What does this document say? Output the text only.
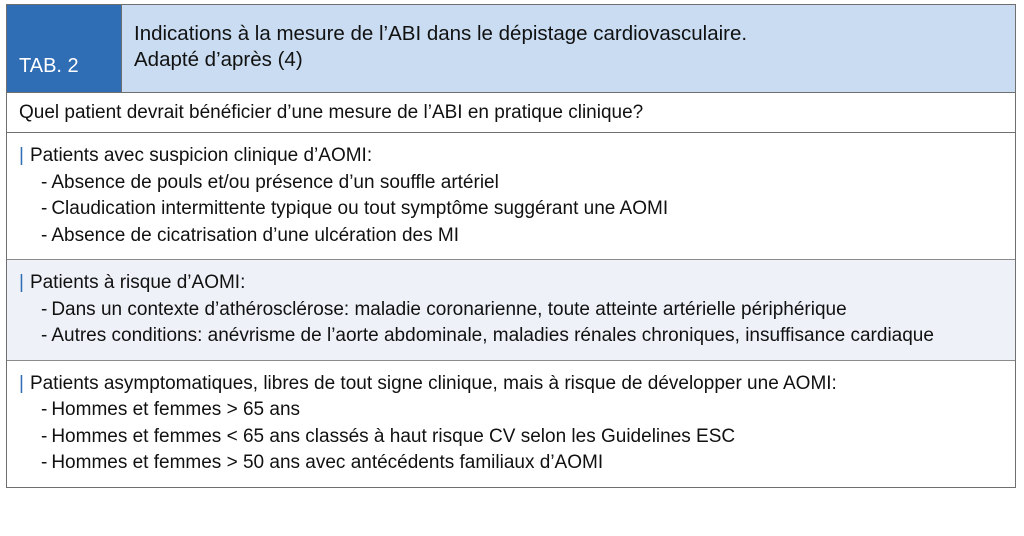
TAB. 2
Indications à la mesure de l’ABI dans le dépistage cardiovasculaire.
Adapté d’après (4)
Quel patient devrait bénéficier d’une mesure de l’ABI en pratique clinique?
| Patients avec suspicion clinique d’AOMI:
- Absence de pouls et/ou présence d’un souffle artériel
- Claudication intermittente typique ou tout symptôme suggérant une AOMI
- Absence de cicatrisation d’une ulcération des MI
| Patients à risque d’AOMI:
- Dans un contexte d’athérosclérose: maladie coronarienne, toute atteinte artérielle périphérique
- Autres conditions: anévrisme de l’aorte abdominale, maladies rénales chroniques, insuffisance cardiaque
| Patients asymptomatiques, libres de tout signe clinique, mais à risque de développer une AOMI:
- Hommes et femmes > 65 ans
- Hommes et femmes < 65 ans classés à haut risque CV selon les Guidelines ESC
- Hommes et femmes > 50 ans avec antécédents familiaux d’AOMI
